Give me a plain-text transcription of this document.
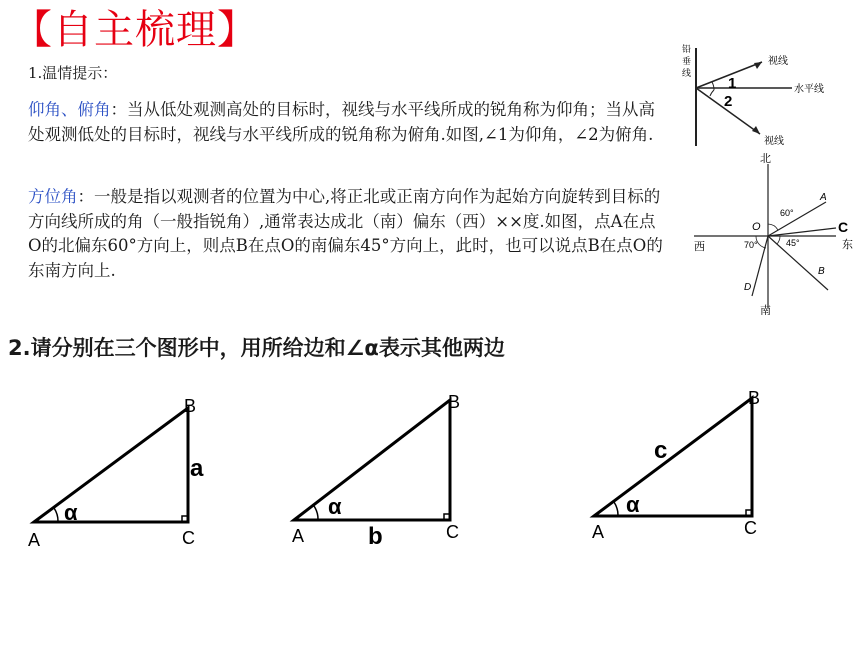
【自主梳理】
1.温情提示：
仰角、俯角：当从低处观测高处的目标时，视线与水平线所成的锐角称为仰角；当从高处观测低处的目标时，视线与水平线所成的锐角称为俯角.如图,∠1为仰角，∠2为俯角.
方位角：一般是指以观测者的位置为中心,将正北或正南方向作为起始方向旋转到目标的方向线所成的角（一般指锐角）,通常表达成北（南）偏东（西）××度.如图，点A在点O的北偏东60°方向上，则点B在点O的南偏东45°方向上，此时，也可以说点B在点O的东南方向上.
铅
垂
线
视线
水平线
视线
1
2
北
南
西	东
O
A
B
C
D
60°
70°	45°
2.请分别在三个图形中，用所给边和∠α表示其他两边
α
A
B
C
a
α
A
B
C
b
α
A
B
C
c
